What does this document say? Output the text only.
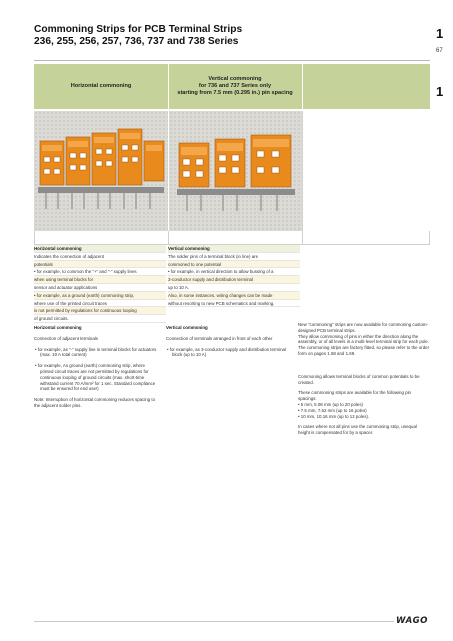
Commoning Strips for PCB Terminal Strips
236, 255, 256, 257, 736, 737 and 738 Series
1
67
1
Horizontal commoning
Vertical commoning
for 736 and 737 Series only
starting from 7.5 mm (0.295 in.) pin spacing
Horizontal commoning
Indicates the connection of adjacent
potentials
• for example, to common the "+" and "-" supply lines
when using terminal blocks for
sensor and actuator applications
• for example, as a ground (earth) commoning strip,
where use of the printed circuit traces
is not permitted by regulations for continuous looping
of ground circuits.
Vertical commoning
The solder pins of a terminal block (in line) are
commoned to one potential
• for example, in vertical direction to allow bussing of a
3-conductor supply and distribution terminal
up to 10 A.
Also, in some instances, wiring changes can be made
without resorting to new PCB schematics and marking.
Horizontal commoning
Connection of adjacent terminals
• for example, as "-" supply line in terminal blocks for actuators (max. 10 A total current)
• for example, As ground (earth) commoning strip, where printed circuit traces are not permitted by regulations for continuous looping of ground circuits (max. short-time withstand current 70 A/mm² for 1 sec. Standard compliance must be ensured for end use!)
Note: Interruption of horizontal commoning reduces spacing to the adjacent solder pins.
Vertical commoning
Connection of terminals arranged in front of each other
• for example, as 3-conductor supply and distribution terminal block (up to 10 A)
New "commoning" strips are now available for commoning custom-designed PCB terminal strips.
They allow commoning of pins in either the direction along the assembly, or of all levels in a multi-level terminal strip for each pole.
The commoning strips are factory fitted, so please refer to the order form on pages 1.68 and 1.69.
Commoning allows terminal blocks of common potentials to be created.
These commoning strips are available for the following pin spacings:
• 5 mm, 5.08 mm (up to 20 poles)
• 7.5 mm, 7.62 mm (up to 16 poles)
• 10 mm, 10.16 mm (up to 12 poles).
In cases where not all pins use the commoning strip, unequal height is compensated for by a spacer.
WAGO
